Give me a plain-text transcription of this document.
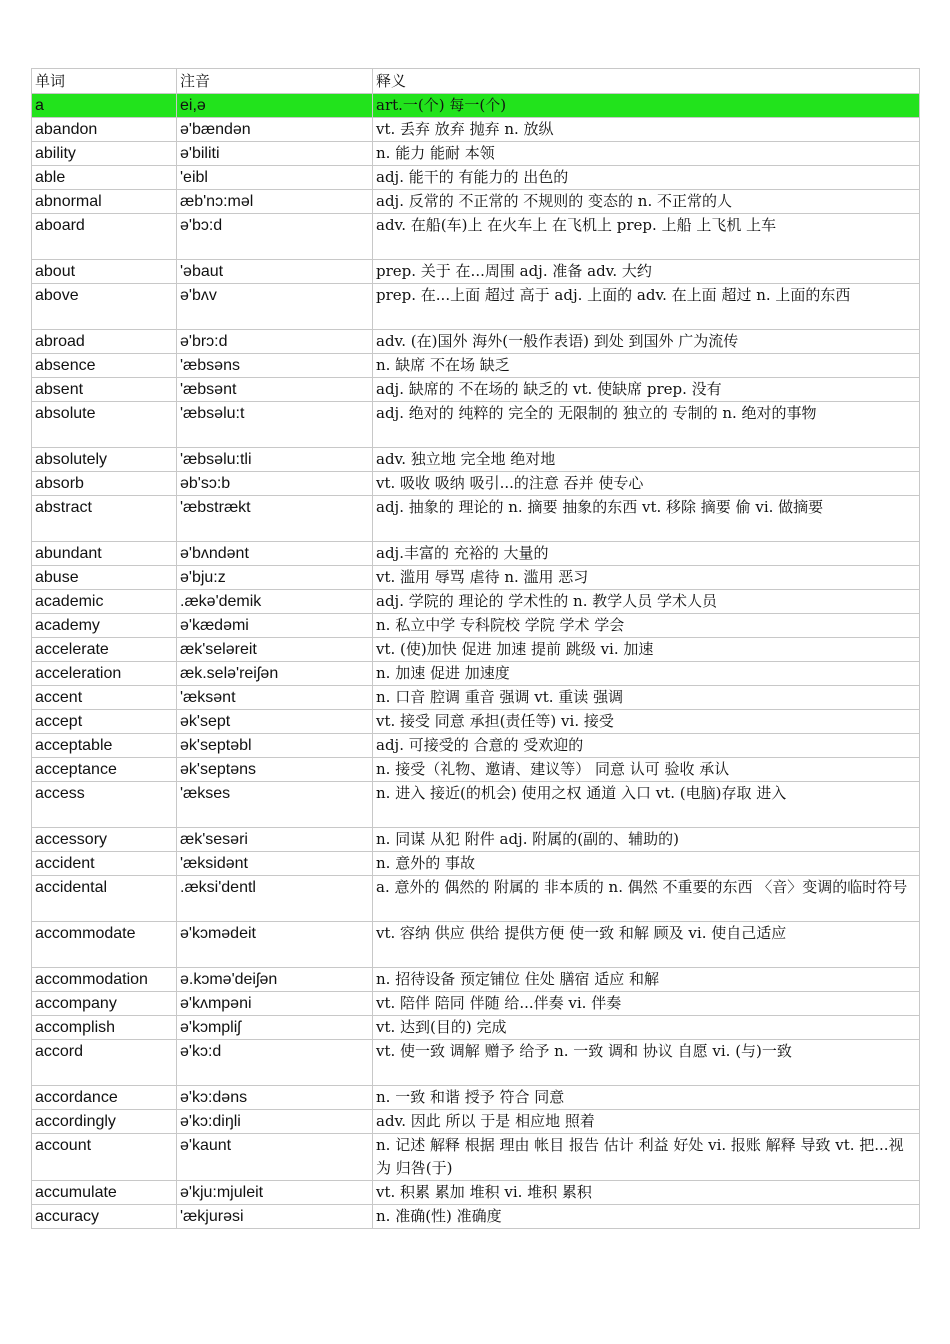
单词	注音	释义
a	ei,ə	art.一(个) 每一(个)
abandon	ə'bændən	vt. 丢弃 放弃 抛弃 n. 放纵
ability	ə'biliti	n. 能力 能耐 本领
able	'eibl	adj. 能干的 有能力的 出色的
abnormal	æb'nɔ:məl	adj. 反常的 不正常的 不规则的 变态的 n. 不正常的人
aboard	ə'bɔ:d	adv. 在船(车)上 在火车上 在飞机上 prep. 上船 上飞机 上车
about	'əbaut	prep. 关于 在...周围 adj. 准备 adv. 大约
above	ə'bʌv	prep. 在...上面 超过 高于 adj. 上面的 adv. 在上面 超过 n. 上面的东西
abroad	ə'brɔ:d	adv. (在)国外 海外(一般作表语) 到处 到国外 广为流传
absence	'æbsəns	n. 缺席 不在场 缺乏
absent	'æbsənt	adj. 缺席的 不在场的 缺乏的 vt. 使缺席 prep. 没有
absolute	'æbsəlu:t	adj. 绝对的 纯粹的 完全的 无限制的 独立的 专制的 n. 绝对的事物
absolutely	'æbsəlu:tli	adv. 独立地 完全地 绝对地
absorb	əb'sɔ:b	vt. 吸收 吸纳 吸引...的注意 吞并 使专心
abstract	'æbstrækt	adj. 抽象的 理论的 n. 摘要 抽象的东西 vt. 移除 摘要 偷 vi. 做摘要
abundant	ə'bʌndənt	adj.丰富的 充裕的 大量的
abuse	ə'bju:z	vt. 滥用 辱骂 虐待 n. 滥用 恶习
academic	.ækə'demik	adj. 学院的 理论的 学术性的 n. 教学人员 学术人员
academy	ə'kædəmi	n. 私立中学 专科院校 学院 学术 学会
accelerate	æk'seləreit	vt. (使)加快 促进 加速 提前 跳级 vi. 加速
acceleration	æk.selə'reiʃən	n. 加速 促进 加速度
accent	'æksənt	n. 口音 腔调 重音 强调 vt. 重读 强调
accept	ək'sept	vt. 接受 同意 承担(责任等) vi. 接受
acceptable	ək'septəbl	adj. 可接受的 合意的 受欢迎的
acceptance	ək'septəns	n. 接受（礼物、邀请、建议等） 同意 认可 验收 承认
access	'ækses	n. 进入 接近(的机会) 使用之权 通道 入口 vt. (电脑)存取 进入
accessory	æk'sesəri	n. 同谋 从犯 附件 adj. 附属的(副的、辅助的)
accident	'æksidənt	n. 意外的 事故
accidental	.æksi'dentl	a. 意外的 偶然的 附属的 非本质的 n. 偶然 不重要的东西 〈音〉变调的临时符号
accommodate	ə'kɔmədeit	vt. 容纳 供应 供给 提供方便 使一致 和解 顾及 vi. 使自己适应
accommodation	ə.kɔmə'deiʃən	n. 招待设备 预定铺位 住处 膳宿 适应 和解
accompany	ə'kʌmpəni	vt. 陪伴 陪同 伴随 给...伴奏 vi. 伴奏
accomplish	ə'kɔmpliʃ	vt. 达到(目的) 完成
accord	ə'kɔ:d	vt. 使一致 调解 赠予 给予 n. 一致 调和 协议 自愿 vi. (与)一致
accordance	ə'kɔ:dəns	n. 一致 和谐 授予 符合 同意
accordingly	ə'kɔ:diŋli	adv. 因此 所以 于是 相应地 照着
account	ə'kaunt	n. 记述 解释 根据 理由 帐目 报告 估计 利益 好处 vi. 报账 解释 导致 vt. 把...视为 归咎(于)
accumulate	ə'kju:mjuleit	vt. 积累 累加 堆积 vi. 堆积 累积
accuracy	'ækjurəsi	n. 准确(性) 准确度
